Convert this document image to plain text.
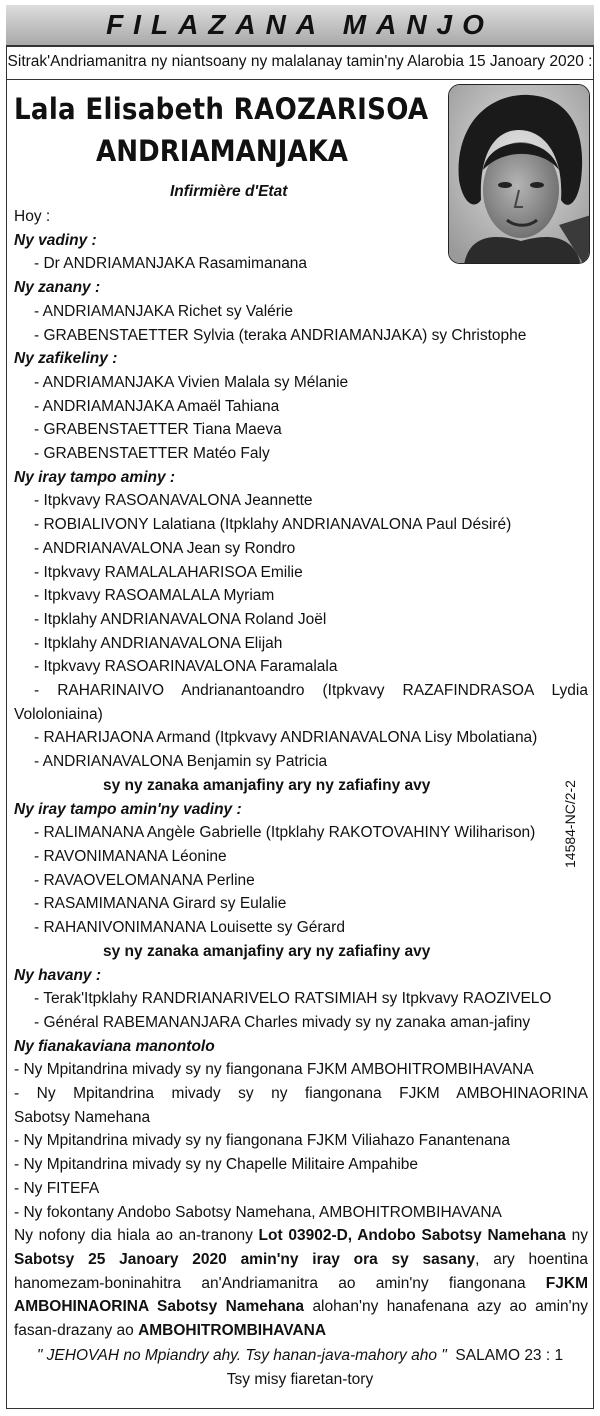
FILAZANA MANJO
Sitrak'Andriamanitra ny niantsoany ny malalanay tamin'ny Alarobia 15 Janoary 2020 :
Lala Elisabeth RAOZARISOA
ANDRIAMANJAKA
Infirmière d'Etat

Hoy :

Ny vadiny :

- Dr ANDRIAMANJAKA Rasamimanana

Ny zanany :

- ANDRIAMANJAKA Richet sy Valérie

- GRABENSTAETTER Sylvia (teraka ANDRIAMANJAKA) sy Christophe

Ny zafikeliny :

- ANDRIAMANJAKA Vivien Malala sy Mélanie

- ANDRIAMANJAKA Amaël Tahiana

- GRABENSTAETTER Tiana Maeva

- GRABENSTAETTER Matéo Faly

Ny iray tampo aminy :

- Itpkvavy RASOANAVALONA Jeannette

- ROBIALIVONY Lalatiana (Itpklahy ANDRIANAVALONA Paul Désiré)

- ANDRIANAVALONA Jean sy Rondro

- Itpkvavy RAMALALAHARISOA Emilie

- Itpkvavy RASOAMALALA Myriam

- Itpklahy ANDRIANAVALONA Roland Joël

- Itpklahy ANDRIANAVALONA Elijah

- Itpkvavy RASOARINAVALONA Faramalala

- RAHARINAIVO Andrianantoandro (Itpkvavy RAZAFINDRASOA Lydia

Vololoniaina)

- RAHARIJAONA Armand (Itpkvavy ANDRIANAVALONA Lisy Mbolatiana)

- ANDRIANAVALONA Benjamin sy Patricia

sy ny zanaka amanjafiny ary ny zafiafiny avy

Ny iray tampo amin'ny vadiny :

- RALIMANANA Angèle Gabrielle (Itpklahy RAKOTOVAHINY Wiliharison)

- RAVONIMANANA Léonine

- RAVAOVELOMANANA Perline

- RASAMIMANANA Girard sy Eulalie

- RAHANIVONIMANANA Louisette sy Gérard

sy ny zanaka amanjafiny ary ny zafiafiny avy

Ny havany :

- Terak'Itpklahy RANDRIANARIVELO RATSIMIAH sy Itpkvavy RAOZIVELO

- Général RABEMANANJARA Charles mivady sy ny zanaka aman-jafiny

Ny fianakaviana manontolo

- Ny Mpitandrina mivady sy ny fiangonana FJKM AMBOHITROMBIHAVANA

- Ny Mpitandrina mivady sy ny fiangonana FJKM AMBOHINAORINA

Sabotsy Namehana

- Ny Mpitandrina mivady sy ny fiangonana FJKM Viliahazo Fanantenana

- Ny Mpitandrina mivady sy ny Chapelle Militaire Ampahibe

- Ny FITEFA

- Ny fokontany Andobo Sabotsy Namehana, AMBOHITROMBIHAVANA

Ny nofony dia hiala ao an-tranony Lot 03902-D, Andobo Sabotsy Namehana ny Sabotsy 25 Janoary 2020 amin'ny iray ora sy sasany, ary hoentina hanomezam-boninahitra an'Andriamanitra ao amin'ny fiangonana FJKM AMBOHINAORINA Sabotsy Namehana alohan'ny hanafenana azy ao amin'ny fasan-drazany ao AMBOHITROMBIHAVANA

14584-NC/2-2
" JEHOVAH no Mpiandry ahy. Tsy hanan-java-mahory aho " SALAMO 23 : 1
Tsy misy fiaretan-tory
